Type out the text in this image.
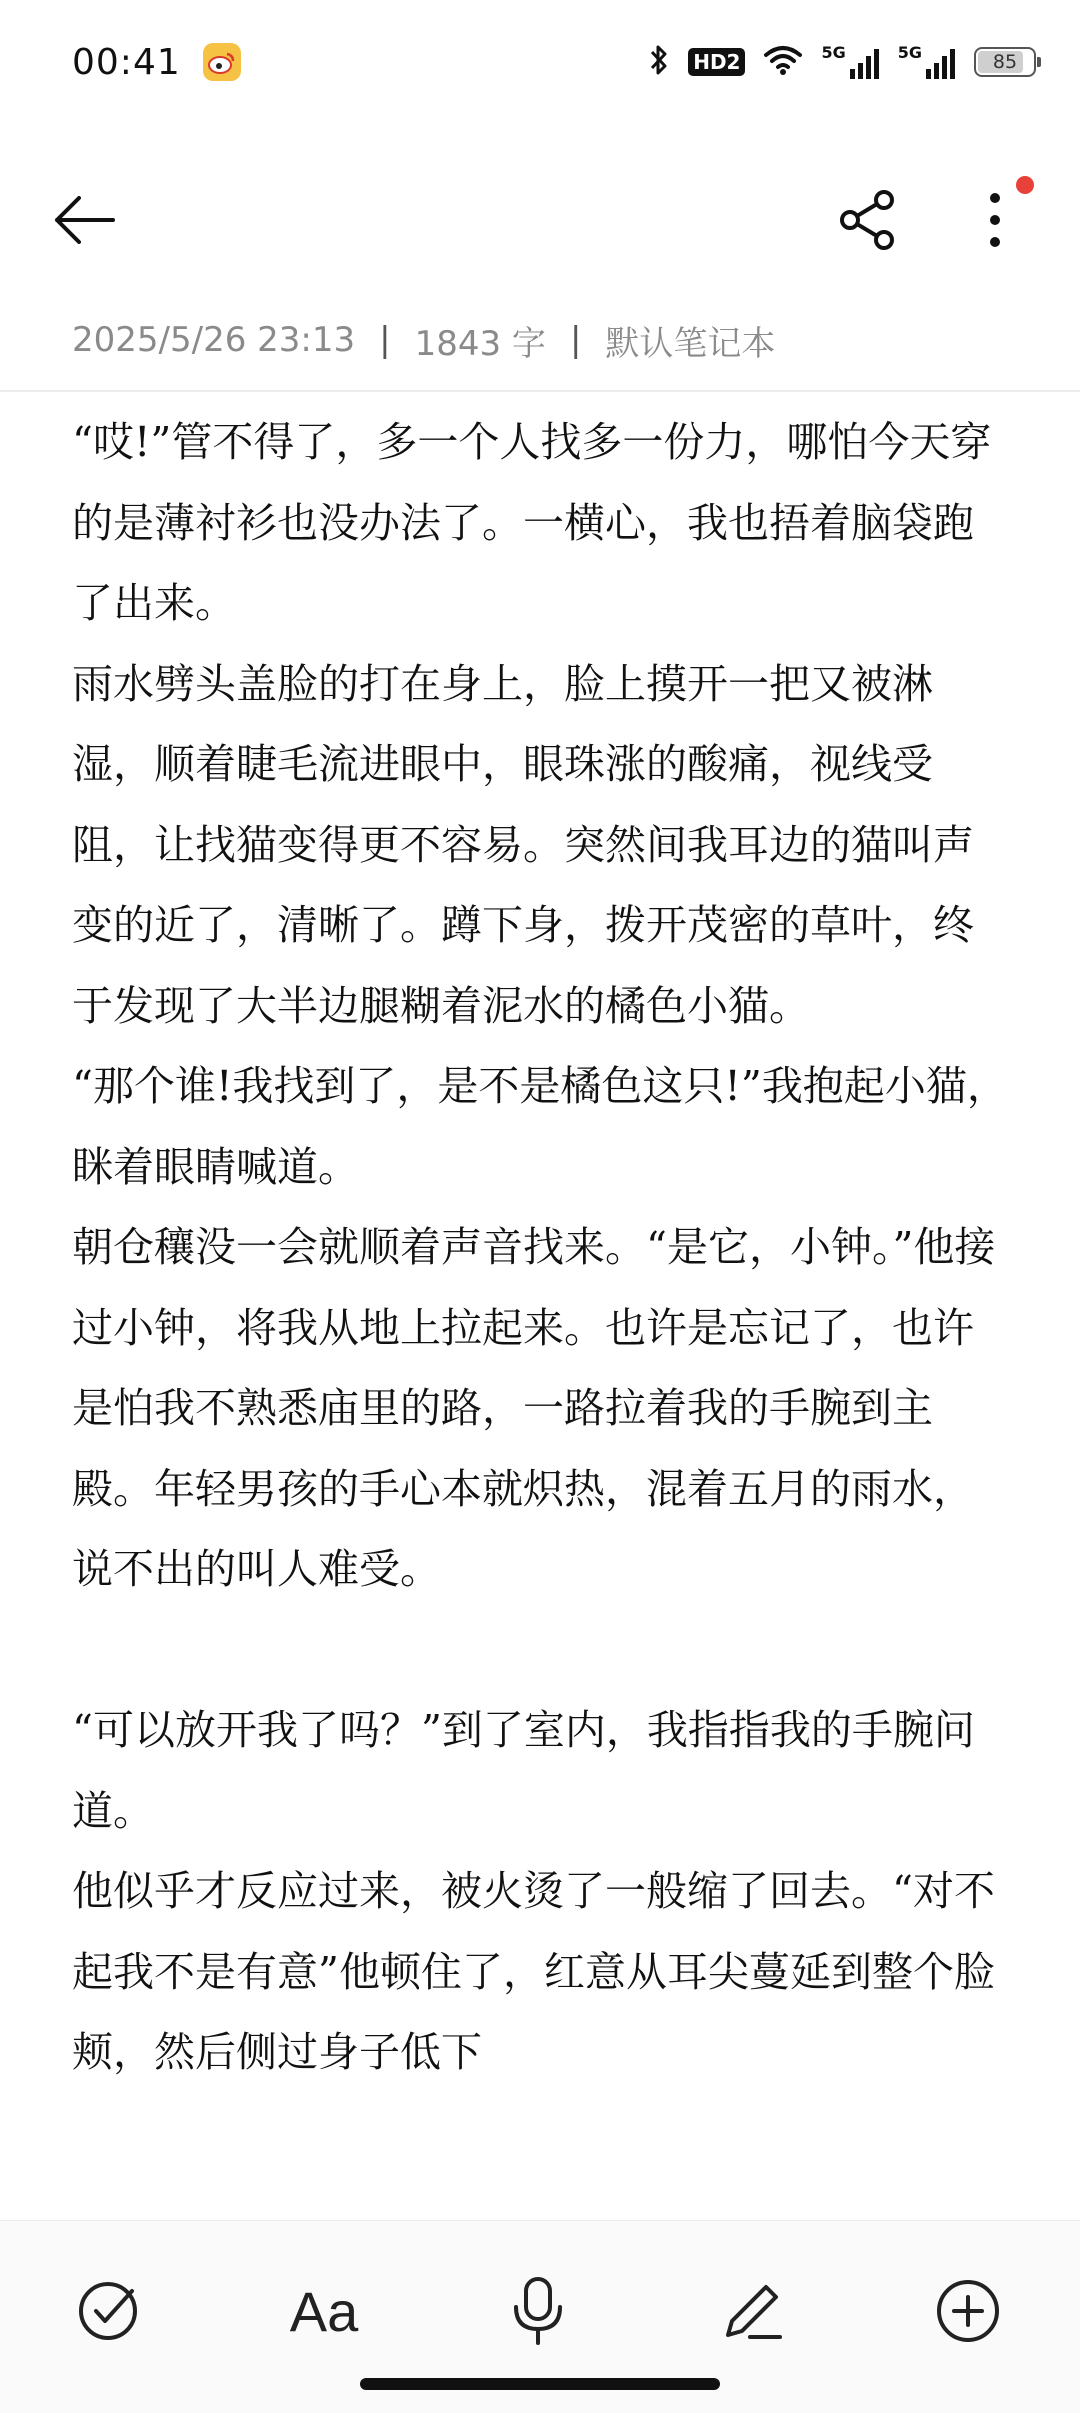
00:41	HD2	5G	5G	85
2025/5/26 23:13 | 1843 字 | 默认笔记本

“哎!”管不得了，多一个人找多一份力，哪怕今天穿的是薄衬衫也没办法了。一横心，我也捂着脑袋跑了出来。

雨水劈头盖脸的打在身上，脸上摸开一把又被淋湿，顺着睫毛流进眼中，眼珠涨的酸痛，视线受阻，让找猫变得更不容易。突然间我耳边的猫叫声变的近了，清晰了。蹲下身，拨开茂密的草叶，终于发现了大半边腿糊着泥水的橘色小猫。

“那个谁!我找到了，是不是橘色这只!”我抱起小猫，眯着眼睛喊道。

朝仓穰没一会就顺着声音找来。“是它，小钟。”他接过小钟，将我从地上拉起来。也许是忘记了，也许是怕我不熟悉庙里的路，一路拉着我的手腕到主殿。年轻男孩的手心本就炽热，混着五月的雨水，说不出的叫人难受。

“可以放开我了吗？”到了室内，我指指我的手腕问道。

他似乎才反应过来，被火烫了一般缩了回去。“对不起我不是有意”他顿住了，红意从耳尖蔓延到整个脸颊，然后侧过身子低下

Aa
